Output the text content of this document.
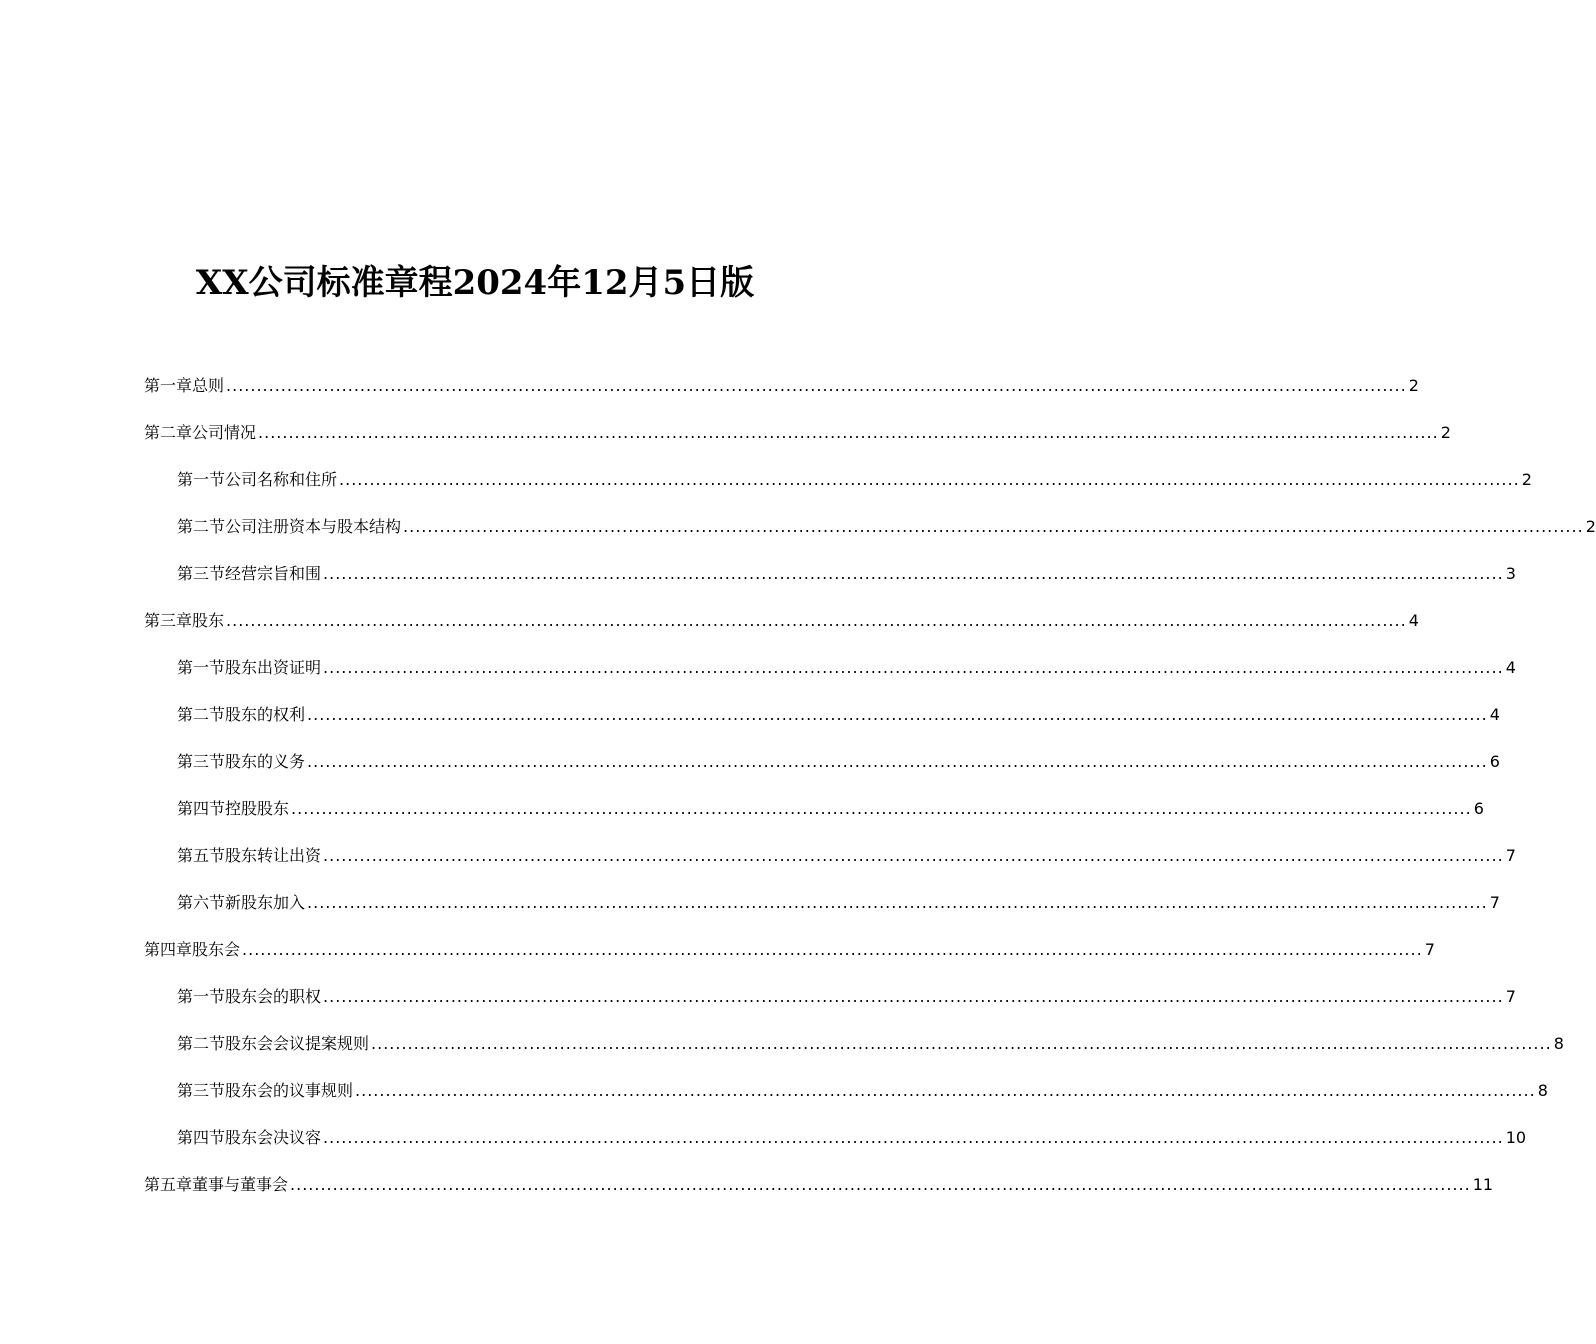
XX公司标准章程2024年12月5日版
第一章总则 .................................................................................................................................................................................................. 2
第二章公司情况 .................................................................................................................................................................................................. 2
第一节公司名称和住所 .................................................................................................................................................................................................. 2
第二节公司注册资本与股本结构 .................................................................................................................................................................................................. 2
第三节经营宗旨和围 .................................................................................................................................................................................................. 3
第三章股东 .................................................................................................................................................................................................. 4
第一节股东出资证明 .................................................................................................................................................................................................. 4
第二节股东的权利 .................................................................................................................................................................................................. 4
第三节股东的义务 .................................................................................................................................................................................................. 6
第四节控股股东 .................................................................................................................................................................................................. 6
第五节股东转让出资 .................................................................................................................................................................................................. 7
第六节新股东加入 .................................................................................................................................................................................................. 7
第四章股东会 .................................................................................................................................................................................................. 7
第一节股东会的职权 .................................................................................................................................................................................................. 7
第二节股东会会议提案规则 .................................................................................................................................................................................................. 8
第三节股东会的议事规则 .................................................................................................................................................................................................. 8
第四节股东会决议容 .................................................................................................................................................................................................. 10
第五章董事与董事会 .................................................................................................................................................................................................. 11
